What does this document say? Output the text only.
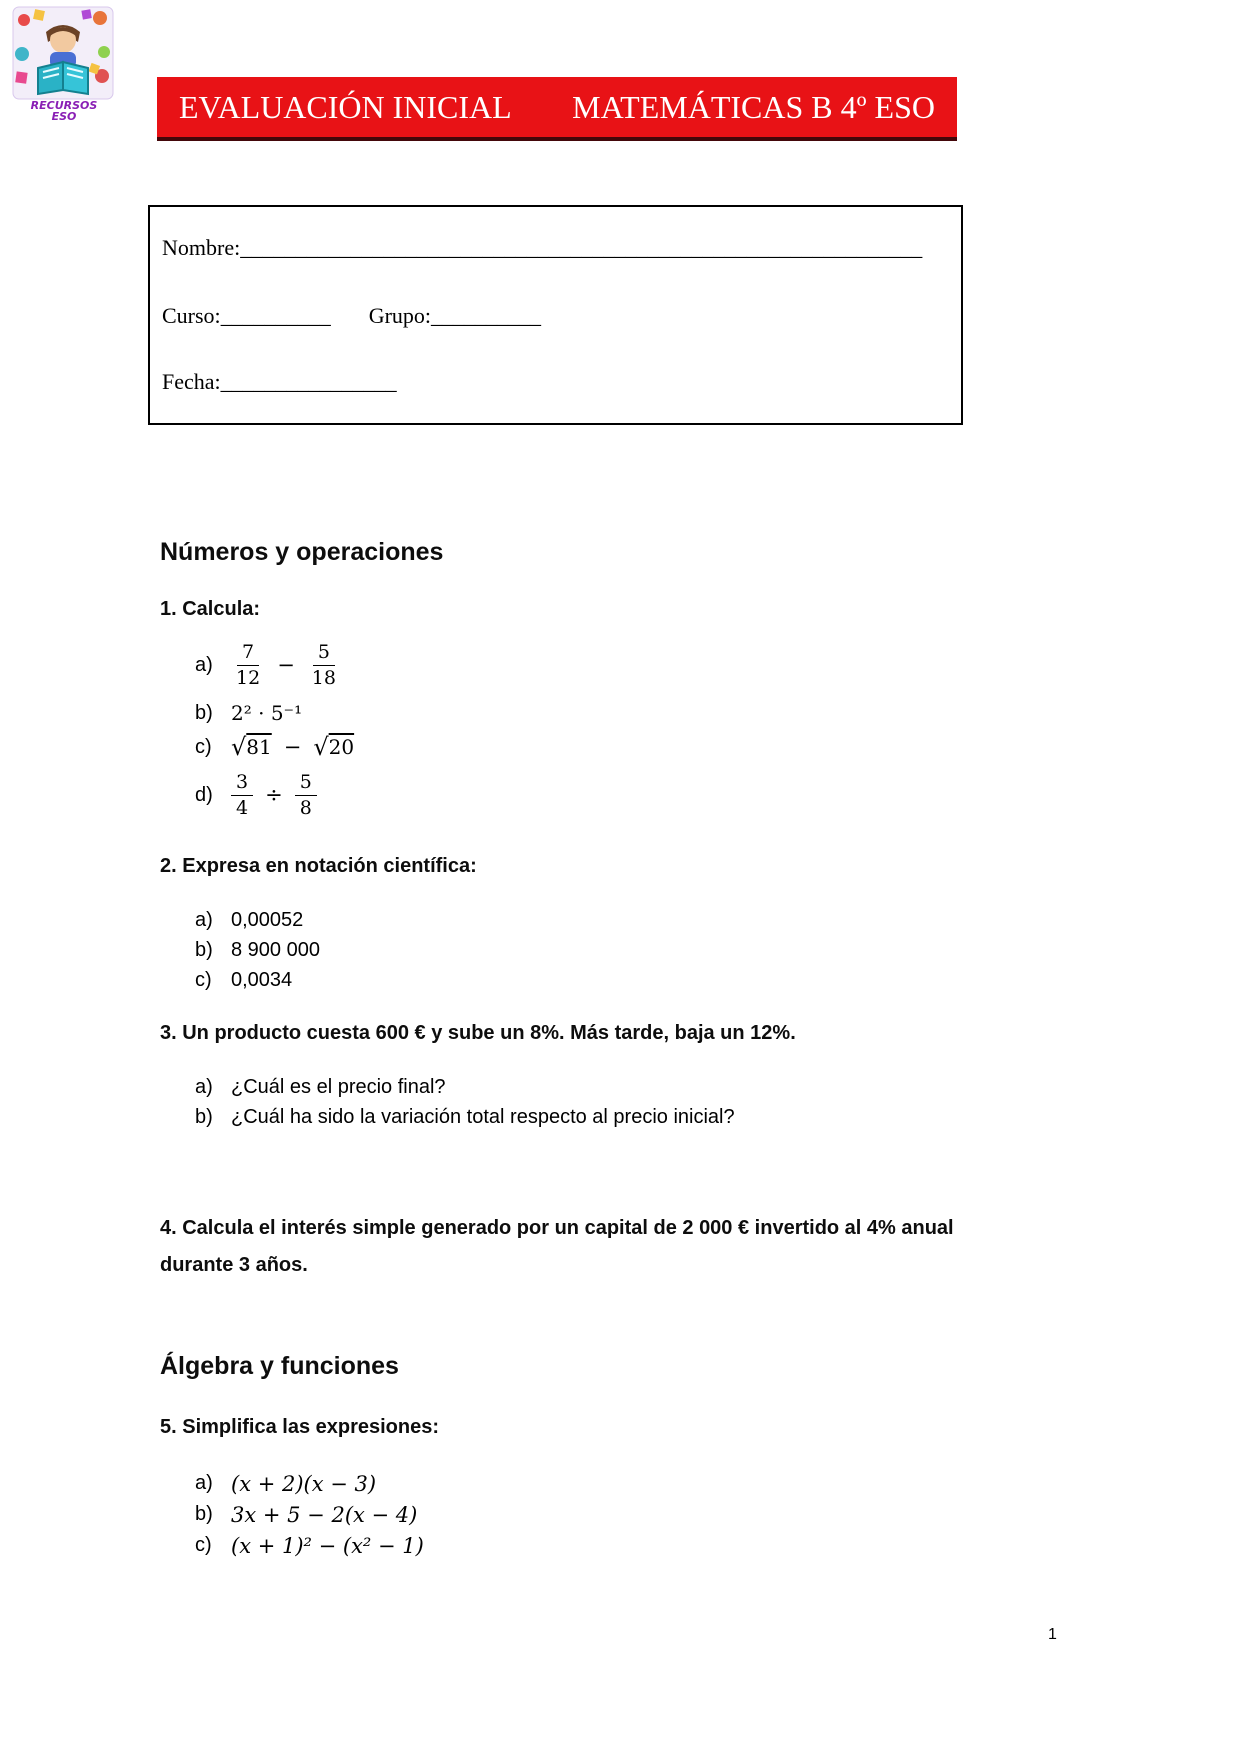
RECURSOS
ESO	EVALUACIÓN INICIAL MATEMÁTICAS B 4º ESO
Nombre:______________________________________________________________
Curso:__________ Grupo:__________
Fecha:________________
Números y operaciones
1. Calcula:
$a) \frac{7}{12} - \frac{5}{18}$
b) 2² · 5⁻¹
c) √ 81 − √ 20
$d) \frac{3}{4} \div \frac{5}{8}$
2. Expresa en notación científica:
a) 0,00052
b) 8 900 000
c) 0,0034
3. Un producto cuesta 600 € y sube un 8%. Más tarde, baja un 12%.
a) ¿Cuál es el precio final?
b) ¿Cuál ha sido la variación total respecto al precio inicial?
4. Calcula el interés simple generado por un capital de 2 000 € invertido al 4% anual durante 3 años.
Álgebra y funciones
5. Simplifica las expresiones:
a) (x + 2)(x − 3)
b) 3x + 5 − 2(x − 4)
c) (x + 1)² − (x² − 1)
1
